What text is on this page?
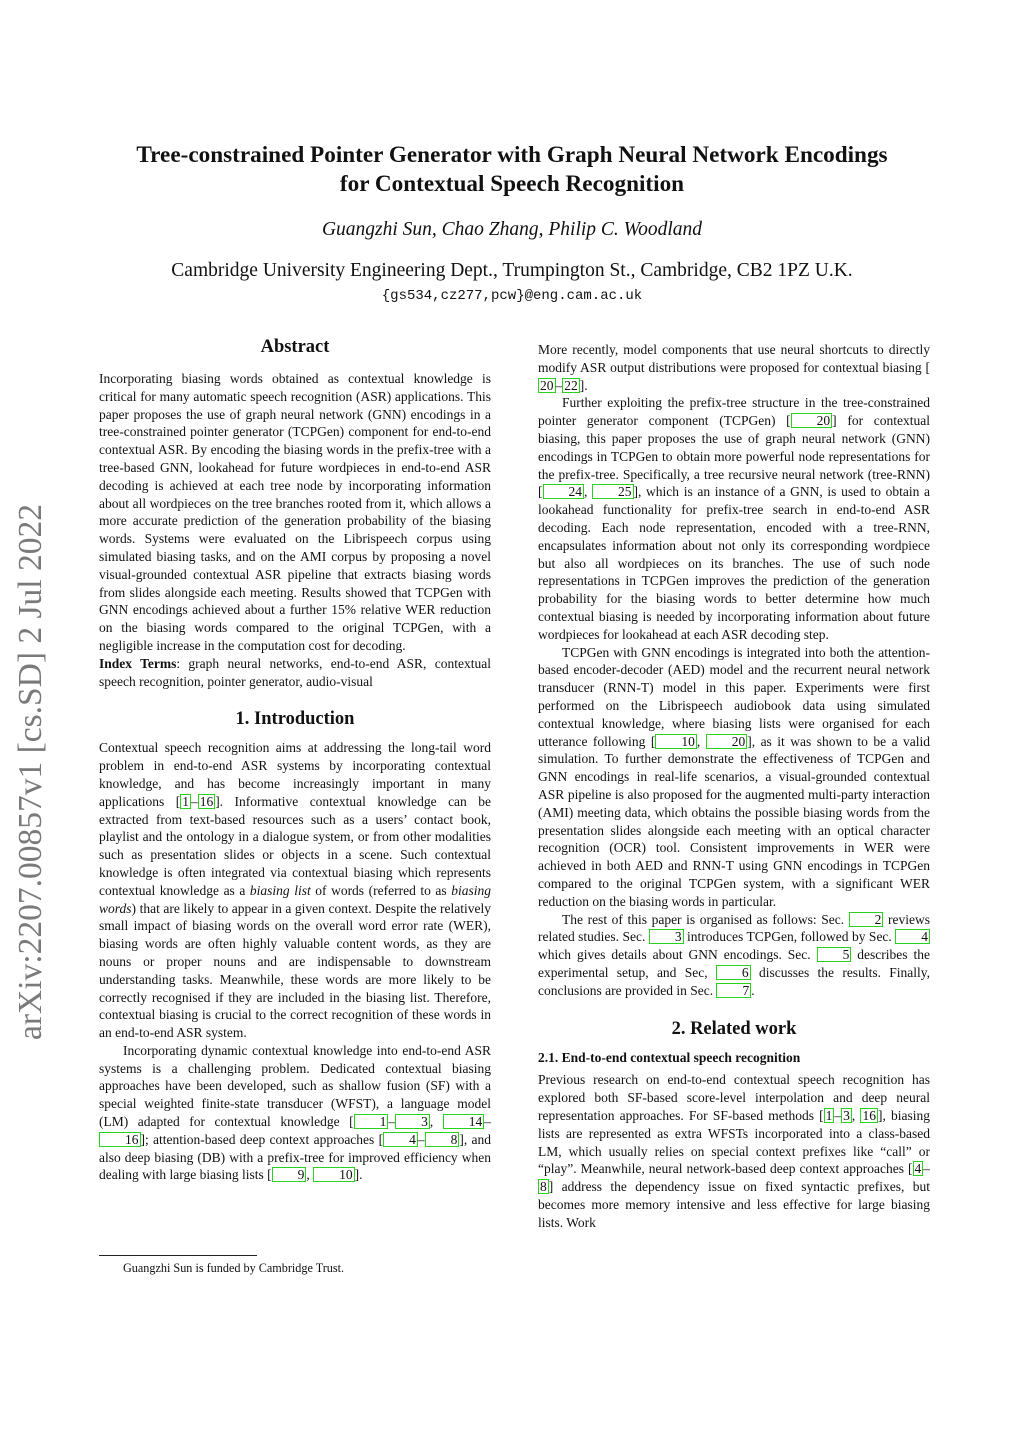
arXiv:2207.00857v1 [cs.SD] 2 Jul 2022
Tree-constrained Pointer Generator with Graph Neural Network Encodings
for Contextual Speech Recognition

Guangzhi Sun, Chao Zhang, Philip C. Woodland

Cambridge University Engineering Dept., Trumpington St., Cambridge, CB2 1PZ U.K.

{gs534,cz277,pcw}@eng.cam.ac.uk

Abstract

Incorporating biasing words obtained as contextual knowledge is critical for many automatic speech recognition (ASR) applications. This paper proposes the use of graph neural network (GNN) encodings in a tree-constrained pointer generator (TCPGen) component for end-to-end contextual ASR. By encoding the biasing words in the prefix-tree with a tree-based GNN, lookahead for future wordpieces in end-to-end ASR decoding is achieved at each tree node by incorporating information about all wordpieces on the tree branches rooted from it, which allows a more accurate prediction of the generation probability of the biasing words. Systems were evaluated on the Librispeech corpus using simulated biasing tasks, and on the AMI corpus by proposing a novel visual-grounded contextual ASR pipeline that extracts biasing words from slides alongside each meeting. Results showed that TCPGen with GNN encodings achieved about a further 15% relative WER reduction on the biasing words compared to the original TCPGen, with a negligible increase in the computation cost for decoding.

Index Terms: graph neural networks, end-to-end ASR, contextual speech recognition, pointer generator, audio-visual

1. Introduction

Contextual speech recognition aims at addressing the long-tail word problem in end-to-end ASR systems by incorporating contextual knowledge, and has become increasingly important in many applications [ 1 – 16 ]. Informative contextual knowledge can be extracted from text-based resources such as a users’ contact book, playlist and the ontology in a dialogue system, or from other modalities such as presentation slides or objects in a scene. Such contextual knowledge is often integrated via contextual biasing which represents contextual knowledge as a biasing list of words (referred to as biasing words) that are likely to appear in a given context. Despite the relatively small impact of biasing words on the overall word error rate (WER), biasing words are often highly valuable content words, as they are nouns or proper nouns and are indispensable to downstream understanding tasks. Meanwhile, these words are more likely to be correctly recognised if they are included in the biasing list. Therefore, contextual biasing is crucial to the correct recognition of these words in an end-to-end ASR system.

Incorporating dynamic contextual knowledge into end-to-end ASR systems is a challenging problem. Dedicated contextual biasing approaches have been developed, such as shallow fusion (SF) with a special weighted finite-state transducer (WFST), a language model (LM) adapted for contextual knowledge [ 1 – 3 , 14 –16 ]; attention-based deep context approaches [ 4 – 8 ], and also deep biasing (DB) with a prefix-tree for improved efficiency when dealing with large biasing lists [ 9 , 10 ].

Guangzhi Sun is funded by Cambridge Trust.

More recently, model components that use neural shortcuts to directly modify ASR output distributions were proposed for contextual biasing [20 – 22 ].

Further exploiting the prefix-tree structure in the tree-constrained pointer generator component (TCPGen) [ 20 ] for contextual biasing, this paper proposes the use of graph neural network (GNN) encodings in TCPGen to obtain more powerful node representations for the prefix-tree. Specifically, a tree recursive neural network (tree-RNN) [ 24 , 25 ], which is an instance of a GNN, is used to obtain a lookahead functionality for prefix-tree search in end-to-end ASR decoding. Each node representation, encoded with a tree-RNN, encapsulates information about not only its corresponding wordpiece but also all wordpieces on its branches. The use of such node representations in TCPGen improves the prediction of the generation probability for the biasing words to better determine how much contextual biasing is needed by incorporating information about future wordpieces for lookahead at each ASR decoding step.

TCPGen with GNN encodings is integrated into both the attention-based encoder-decoder (AED) model and the recurrent neural network transducer (RNN-T) model in this paper. Experiments were first performed on the Librispeech audiobook data using simulated contextual knowledge, where biasing lists were organised for each utterance following [ 10 , 20 ], as it was shown to be a valid simulation. To further demonstrate the effectiveness of TCPGen and GNN encodings in real-life scenarios, a visual-grounded contextual ASR pipeline is also proposed for the augmented multi-party interaction (AMI) meeting data, which obtains the possible biasing words from the presentation slides alongside each meeting with an optical character recognition (OCR) tool. Consistent improvements in WER were achieved in both AED and RNN-T using GNN encodings in TCPGen compared to the original TCPGen system, with a significant WER reduction on the biasing words in particular.

The rest of this paper is organised as follows: Sec. 2 reviews related studies. Sec. 3 introduces TCPGen, followed by Sec. 4 which gives details about GNN encodings. Sec. 5 describes the experimental setup, and Sec, 6 discusses the results. Finally, conclusions are provided in Sec. 7 .

2. Related work
2.1. End-to-end contextual speech recognition

Previous research on end-to-end contextual speech recognition has explored both SF-based score-level interpolation and deep neural representation approaches. For SF-based methods [ 1 – 3 , 16 ], biasing lists are represented as extra WFSTs incorporated into a class-based LM, which usually relies on special context prefixes like “call” or “play”. Meanwhile, neural network-based deep context approaches [ 4 –8 ] address the dependency issue on fixed syntactic prefixes, but becomes more memory intensive and less effective for large biasing lists. Work
